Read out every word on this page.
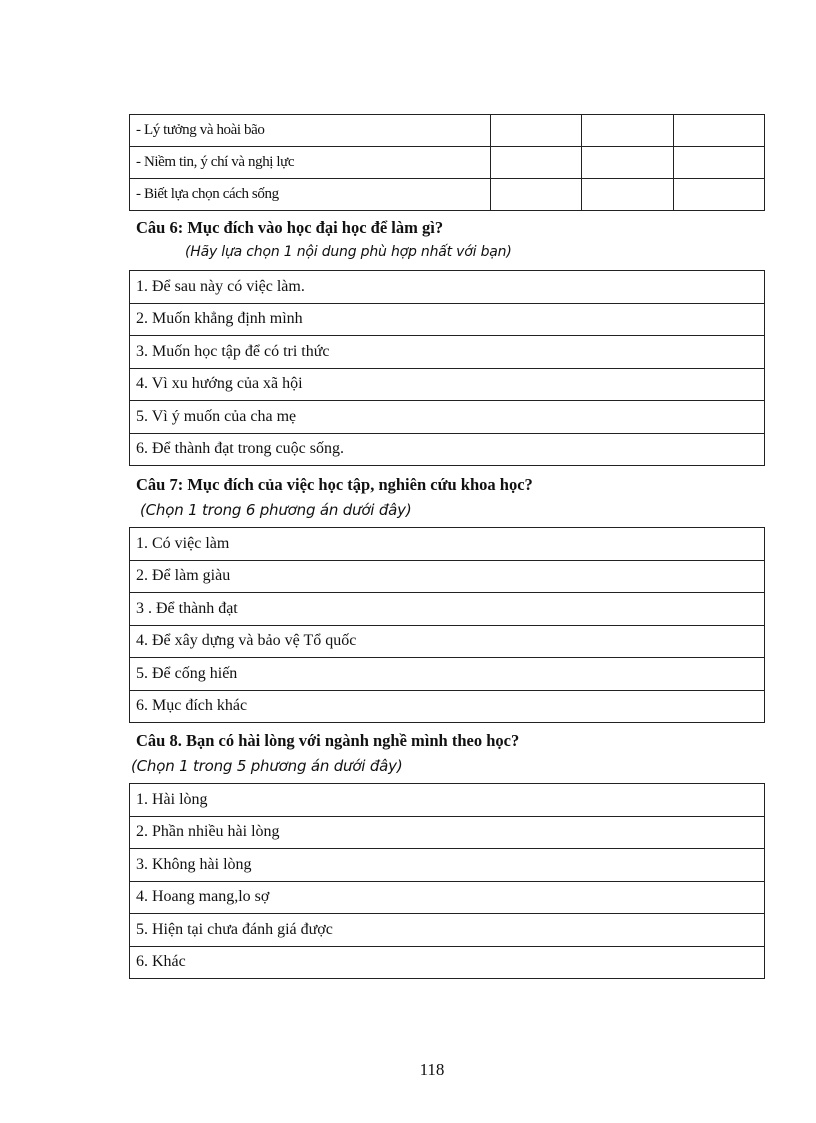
- Lý tưởng và hoài bão			
- Niềm tin, ý chí và nghị lực			
- Biết lựa chọn cách sống			
Câu 6: Mục đích vào học đại học để làm gì?
(Hãy lựa chọn 1 nội dung phù hợp nhất với bạn)
1. Để sau này có việc làm.
2. Muốn khẳng định mình
3. Muốn học tập để có tri thức
4. Vì xu hướng của xã hội
5. Vì ý muốn của cha mẹ
6. Để thành đạt trong cuộc sống.
Câu 7: Mục đích của việc học tập, nghiên cứu khoa học?
(Chọn 1 trong 6 phương án dưới đây)
1. Có việc làm
2. Để làm giàu
3 . Để thành đạt
4. Để xây dựng và bảo vệ Tổ quốc
5. Để cống hiến
6. Mục đích khác
Câu 8. Bạn có hài lòng với ngành nghề mình theo học?
(Chọn 1 trong 5 phương án dưới đây)
1. Hài lòng
2. Phần nhiều hài lòng
3. Không hài lòng
4. Hoang mang,lo sợ
5. Hiện tại chưa đánh giá được
6. Khác
118
